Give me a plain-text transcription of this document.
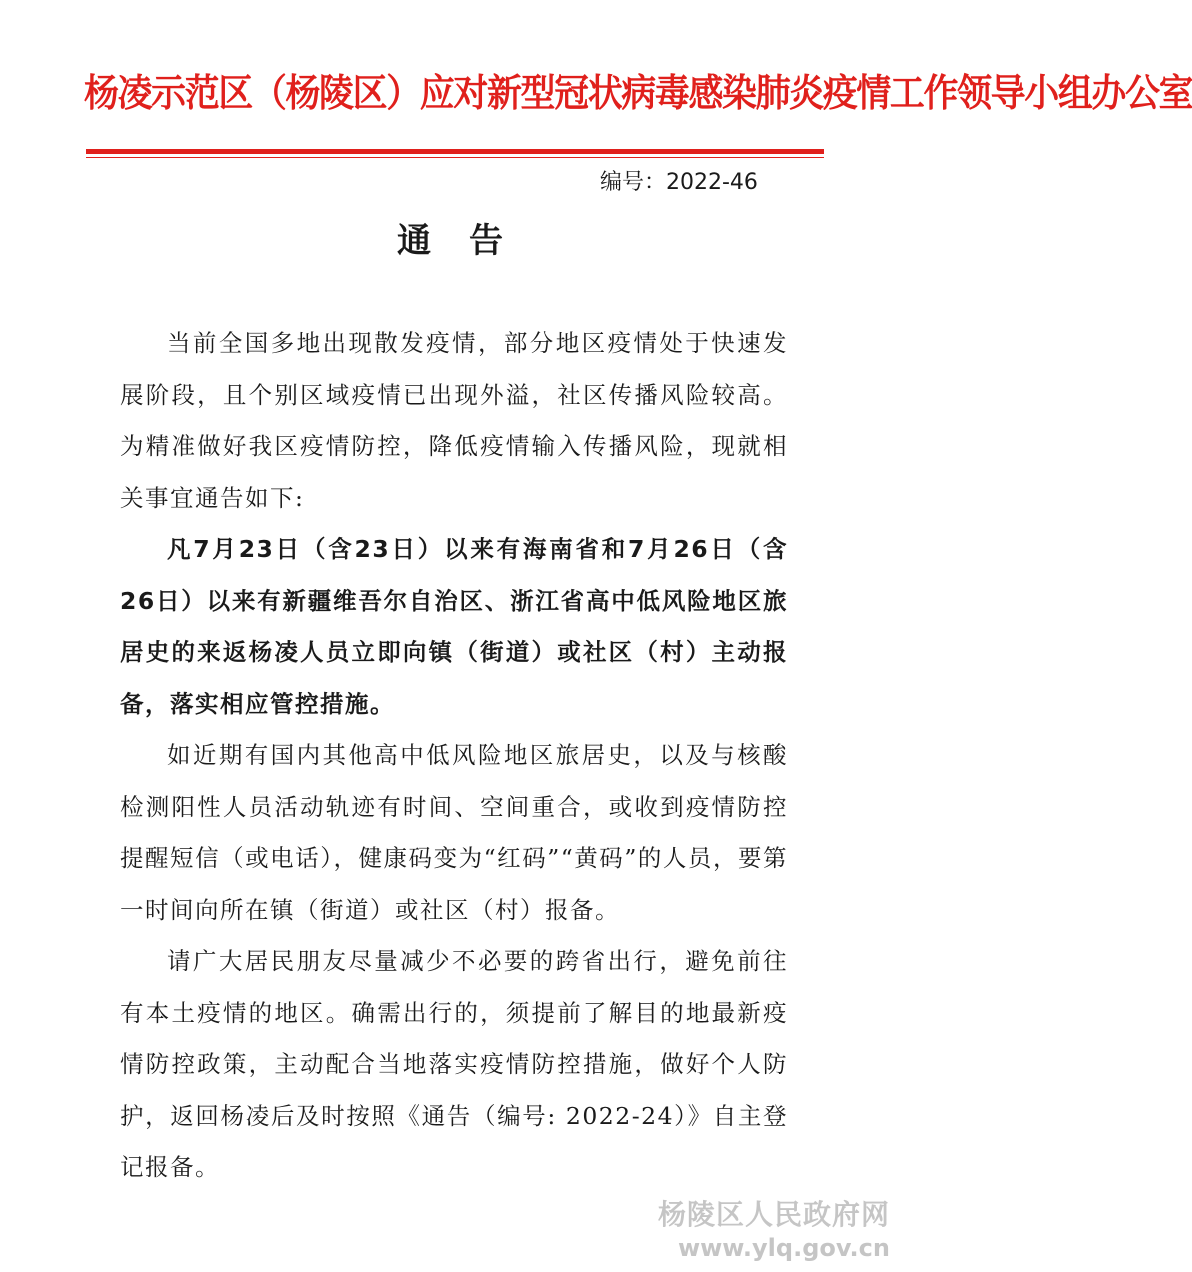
杨凌示范区（杨陵区）应对新型冠状病毒感染肺炎疫情工作领导小组办公室
编号：2022-46
通告

当前全国多地出现散发疫情，部分地区疫情处于快速发展阶段，且个别区域疫情已出现外溢，社区传播风险较高。为精准做好我区疫情防控，降低疫情输入传播风险，现就相关事宜通告如下:

凡7月23日（含23日）以来有海南省和7月26日（含26日）以来有新疆维吾尔自治区、浙江省高中低风险地区旅居史的来返杨凌人员立即向镇（街道）或社区（村）主动报备，落实相应管控措施。

如近期有国内其他高中低风险地区旅居史，以及与核酸检测阳性人员活动轨迹有时间、空间重合，或收到疫情防控提醒短信（或电话），健康码变为“红码”“黄码”的人员，要第一时间向所在镇（街道）或社区（村）报备。

请广大居民朋友尽量减少不必要的跨省出行，避免前往有本土疫情的地区。确需出行的，须提前了解目的地最新疫情防控政策，主动配合当地落实疫情防控措施，做好个人防护，返回杨凌后及时按照《通告（编号: 2022-24）》自主登记报备。

杨陵区人民政府网
www.ylq.gov.cn
